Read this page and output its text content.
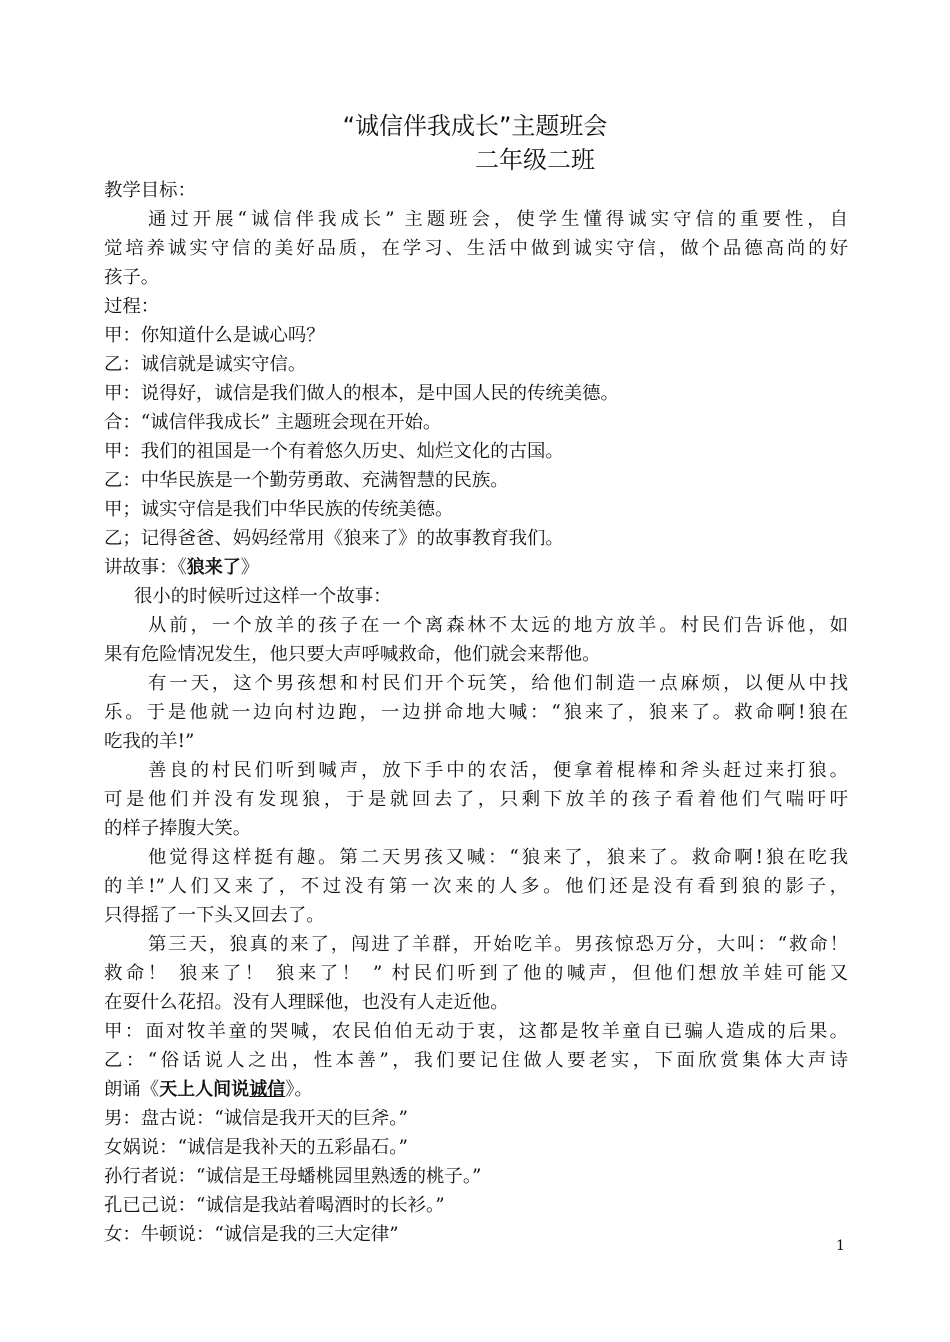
“诚信伴我成长”主题班会
二年级二班
教学目标：
通过开展“诚信伴我成长” 主题班会，使学生懂得诚实守信的重要性，自
觉培养诚实守信的美好品质，在学习、生活中做到诚实守信，做个品德高尚的好
孩子。
过程：
甲：你知道什么是诚心吗？
乙：诚信就是诚实守信。
甲：说得好，诚信是我们做人的根本，是中国人民的传统美德。
合：“诚信伴我成长” 主题班会现在开始。
甲：我们的祖国是一个有着悠久历史、灿烂文化的古国。
乙：中华民族是一个勤劳勇敢、充满智慧的民族。
甲；诚实守信是我们中华民族的传统美德。
乙；记得爸爸、妈妈经常用《狼来了》的故事教育我们。
讲故事：《狼来了》
很小的时候听过这样一个故事：
从前，一个放羊的孩子在一个离森林不太远的地方放羊。村民们告诉他，如
果有危险情况发生，他只要大声呼喊救命，他们就会来帮他。
有一天，这个男孩想和村民们开个玩笑，给他们制造一点麻烦，以便从中找
乐。于是他就一边向村边跑，一边拼命地大喊：“狼来了，狼来了。救命啊!狼在
吃我的羊!”
善良的村民们听到喊声，放下手中的农活，便拿着棍棒和斧头赶过来打狼。
可是他们并没有发现狼，于是就回去了，只剩下放羊的孩子看着他们气喘吁吁
的样子捧腹大笑。
他觉得这样挺有趣。第二天男孩又喊：“狼来了，狼来了。救命啊!狼在吃我
的羊!”人们又来了，不过没有第一次来的人多。他们还是没有看到狼的影子，
只得摇了一下头又回去了。
第三天，狼真的来了，闯进了羊群，开始吃羊。男孩惊恐万分，大叫：“救命！
救命！ 狼来了！ 狼来了！ ” 村民们听到了他的喊声，但他们想放羊娃可能又
在耍什么花招。没有人理睬他，也没有人走近他。
甲：面对牧羊童的哭喊，农民伯伯无动于衷，这都是牧羊童自已骗人造成的后果。
乙：“俗话说人之出，性本善”，我们要记住做人要老实，下面欣赏集体大声诗
朗诵《天上人间说诚信》。
男：盘古说：“诚信是我开天的巨斧。”
女娲说：“诚信是我补天的五彩晶石。”
孙行者说：“诚信是王母蟠桃园里熟透的桃子。”
孔已己说：“诚信是我站着喝酒时的长衫。”
女：牛顿说：“诚信是我的三大定律”
1
